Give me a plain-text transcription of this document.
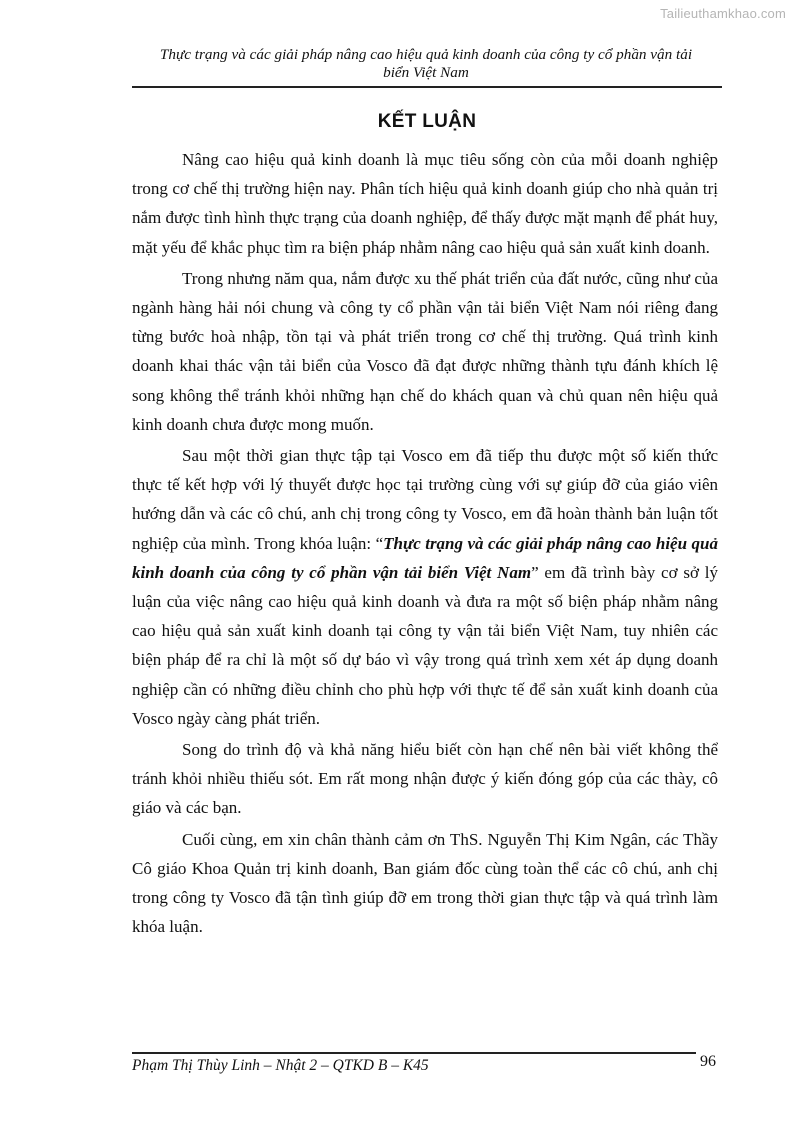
Tailieuthamkhao.com
Thực trạng và các giải pháp nâng cao hiệu quả kinh doanh của công ty cổ phần vận tải
biển Việt Nam
KẾT LUẬN

Nâng cao hiệu quả kinh doanh là mục tiêu sống còn của mỗi doanh nghiệp trong cơ chế thị trường hiện nay. Phân tích hiệu quả kinh doanh giúp cho nhà quản trị nắm được tình hình thực trạng của doanh nghiệp, để thấy được mặt mạnh để phát huy, mặt yếu để khắc phục tìm ra biện pháp nhằm nâng cao hiệu quả sản xuất kinh doanh.

Trong nhưng năm qua, nắm được xu thế phát triển của đất nước, cũng như của ngành hàng hải nói chung và công ty cổ phần vận tải biển Việt Nam nói riêng đang từng bước hoà nhập, tồn tại và phát triển trong cơ chế thị trường. Quá trình kinh doanh khai thác vận tải biển của Vosco đã đạt được những thành tựu đánh khích lệ song không thể tránh khỏi những hạn chế do khách quan và chủ quan nên hiệu quả kinh doanh chưa được mong muốn.

Sau một thời gian thực tập tại Vosco em đã tiếp thu được một số kiến thức thực tế kết hợp với lý thuyết được học tại trường cùng với sự giúp đỡ của giáo viên hướng dẫn và các cô chú, anh chị trong công ty Vosco, em đã hoàn thành bản luận tốt nghiệp của mình. Trong khóa luận: “Thực trạng và các giải pháp nâng cao hiệu quả kinh doanh của công ty cổ phần vận tải biển Việt Nam” em đã trình bày cơ sở lý luận của việc nâng cao hiệu quả kinh doanh và đưa ra một số biện pháp nhằm nâng cao hiệu quả sản xuất kinh doanh tại công ty vận tải biển Việt Nam, tuy nhiên các biện pháp để ra chỉ là một số dự báo vì vậy trong quá trình xem xét áp dụng doanh nghiệp cần có những điều chỉnh cho phù hợp với thực tế để sản xuất kinh doanh của Vosco ngày càng phát triển.

Song do trình độ và khả năng hiểu biết còn hạn chế nên bài viết không thể tránh khỏi nhiều thiếu sót. Em rất mong nhận được ý kiến đóng góp của các thày, cô giáo và các bạn.

Cuối cùng, em xin chân thành cảm ơn ThS. Nguyễn Thị Kim Ngân, các Thầy Cô giáo Khoa Quản trị kinh doanh, Ban giám đốc cùng toàn thể các cô chú, anh chị trong công ty Vosco đã tận tình giúp đỡ em trong thời gian thực tập và quá trình làm khóa luận.

Phạm Thị Thùy Linh – Nhật 2 – QTKD B – K45	96
